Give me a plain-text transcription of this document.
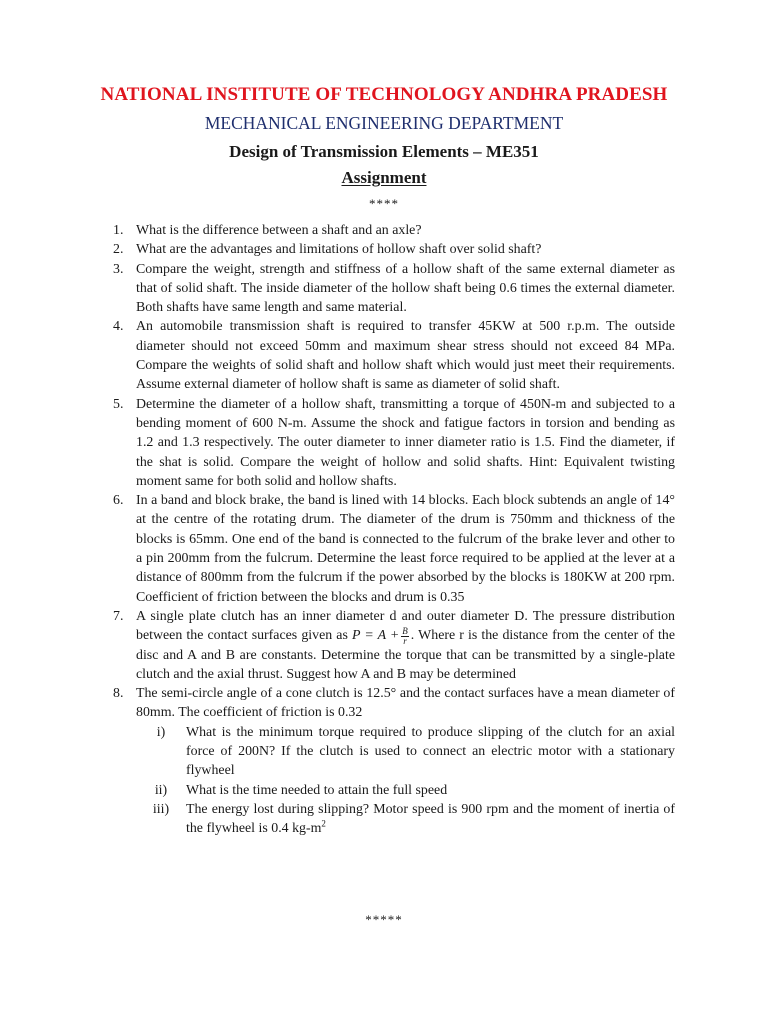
NATIONAL INSTITUTE OF TECHNOLOGY ANDHRA PRADESH
MECHANICAL ENGINEERING DEPARTMENT
Design of Transmission Elements – ME351
Assignment
****
1. What is the difference between a shaft and an axle?
2. What are the advantages and limitations of hollow shaft over solid shaft?
3. Compare the weight, strength and stiffness of a hollow shaft of the same external diameter as that of solid shaft. The inside diameter of the hollow shaft being 0.6 times the external diameter. Both shafts have same length and same material.
4. An automobile transmission shaft is required to transfer 45KW at 500 r.p.m. The outside diameter should not exceed 50mm and maximum shear stress should not exceed 84 MPa. Compare the weights of solid shaft and hollow shaft which would just meet their requirements. Assume external diameter of hollow shaft is same as diameter of solid shaft.
5. Determine the diameter of a hollow shaft, transmitting a torque of 450N-m and subjected to a bending moment of 600 N-m. Assume the shock and fatigue factors in torsion and bending as 1.2 and 1.3 respectively. The outer diameter to inner diameter ratio is 1.5. Find the diameter, if the shat is solid. Compare the weight of hollow and solid shafts. Hint: Equivalent twisting moment same for both solid and hollow shafts.
6. In a band and block brake, the band is lined with 14 blocks. Each block subtends an angle of 14° at the centre of the rotating drum. The diameter of the drum is 750mm and thickness of the blocks is 65mm. One end of the band is connected to the fulcrum of the brake lever and other to a pin 200mm from the fulcrum. Determine the least force required to be applied at the lever at a distance of 800mm from the fulcrum if the power absorbed by the blocks is 180KW at 200 rpm. Coefficient of friction between the blocks and drum is 0.35
7. A single plate clutch has an inner diameter d and outer diameter D. The pressure distribution between the contact surfaces given as $P = A + \frac{B}{r}$ . Where r is the distance from the center of the disc and A and B are constants. Determine the torque that can be transmitted by a single-plate clutch and the axial thrust. Suggest how A and B may be determined
8. The semi-circle angle of a cone clutch is 12.5° and the contact surfaces have a mean diameter of 80mm. The coefficient of friction is 0.32
i)	What is the minimum torque required to produce slipping of the clutch for an axial force of 200N? If the clutch is used to connect an electric motor with a stationary flywheel
ii)	What is the time needed to attain the full speed
iii)	The energy lost during slipping? Motor speed is 900 rpm and the moment of inertia of the flywheel is 0.4 $kg-m^2$
*****
